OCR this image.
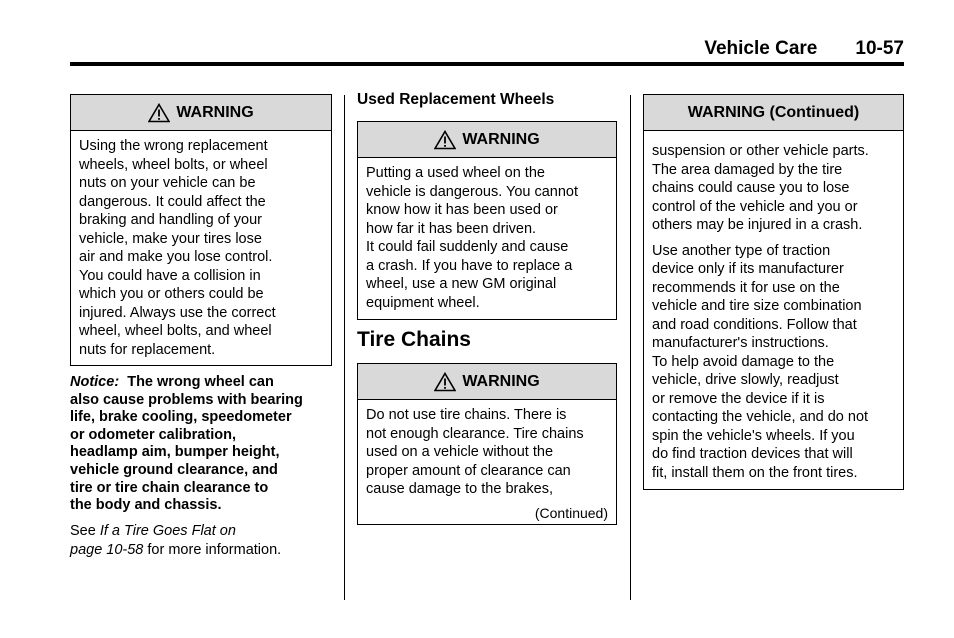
Vehicle Care 10-57
WARNING

Using the wrong replacement

wheels, wheel bolts, or wheel

nuts on your vehicle can be

dangerous. It could affect the

braking and handling of your

vehicle, make your tires lose

air and make you lose control.

You could have a collision in

which you or others could be

injured. Always use the correct

wheel, wheel bolts, and wheel

nuts for replacement.

Notice: The wrong wheel can

also cause problems with bearing

life, brake cooling, speedometer

or odometer calibration,

headlamp aim, bumper height,

vehicle ground clearance, and

tire or tire chain clearance to

the body and chassis.

See If a Tire Goes Flat on

page 10-58 for more information.

Used Replacement Wheels
WARNING

Putting a used wheel on the

vehicle is dangerous. You cannot

know how it has been used or

how far it has been driven.

It could fail suddenly and cause

a crash. If you have to replace a

wheel, use a new GM original

equipment wheel.

Tire Chains
WARNING

Do not use tire chains. There is

not enough clearance. Tire chains

used on a vehicle without the

proper amount of clearance can

cause damage to the brakes,

(Continued)
WARNING (Continued)

suspension or other vehicle parts.

The area damaged by the tire

chains could cause you to lose

control of the vehicle and you or

others may be injured in a crash.

Use another type of traction

device only if its manufacturer

recommends it for use on the

vehicle and tire size combination

and road conditions. Follow that

manufacturer's instructions.

To help avoid damage to the

vehicle, drive slowly, readjust

or remove the device if it is

contacting the vehicle, and do not

spin the vehicle's wheels. If you

do find traction devices that will

fit, install them on the front tires.
